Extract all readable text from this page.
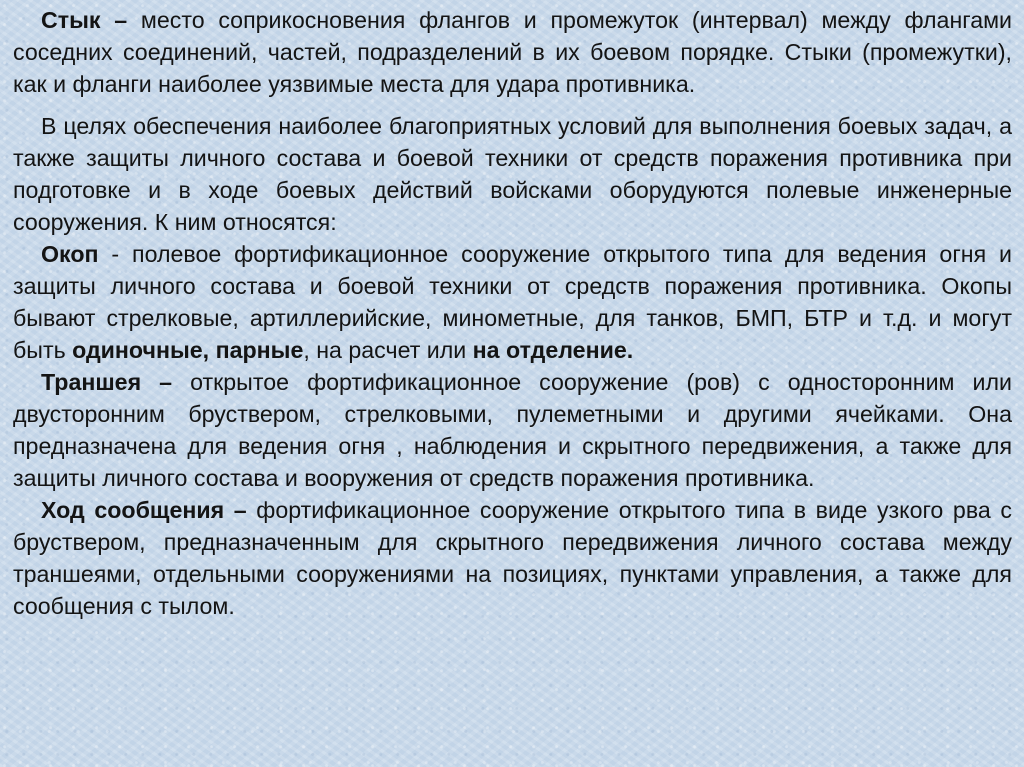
Стык – место соприкосновения флангов и промежуток (интервал) между флангами соседних соединений, частей, подразделений в их боевом порядке. Стыки (промежутки), как и фланги наиболее уязвимые места для удара противника.

В целях обеспечения наиболее благоприятных условий для выполнения боевых задач, а также защиты личного состава и боевой техники от средств поражения противника при подготовке и в ходе боевых действий войсками оборудуются полевые инженерные сооружения. К ним относятся:

Окоп - полевое фортификационное сооружение открытого типа для ведения огня и защиты личного состава и боевой техники от средств поражения противника. Окопы бывают стрелковые, артиллерийские, минометные, для танков, БМП, БТР и т.д. и могут быть одиночные, парные, на расчет или на отделение.

Траншея – открытое фортификационное сооружение (ров) с односторонним или двусторонним бруствером, стрелковыми, пулеметными и другими ячейками. Она предназначена для ведения огня , наблюдения и скрытного передвижения, а также для защиты личного состава и вооружения от средств поражения противника.

Ход сообщения – фортификационное сооружение открытого типа в виде узкого рва с бруствером, предназначенным для скрытного передвижения личного состава между траншеями, отдельными сооружениями на позициях, пунктами управления, а также для сообщения с тылом.
